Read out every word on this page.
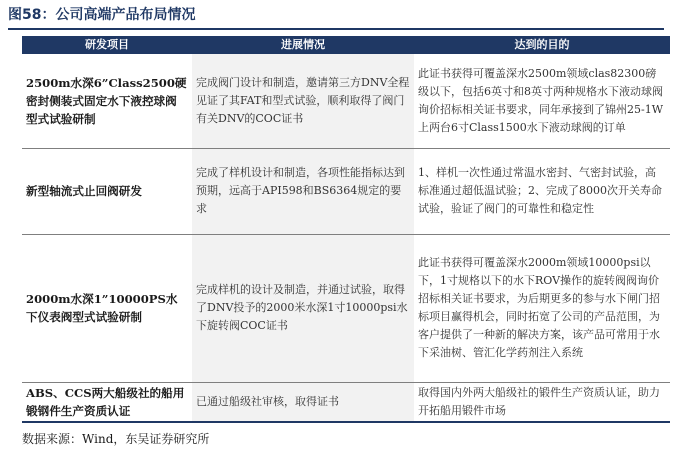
图58：公司高端产品布局情况
研发项目	进展情况	达到的目的
2500m水深6”Class2500硬密封侧装式固定水下液控球阀型式试验研制	完成阀门设计和制造，邀请第三方DNV全程见证了其FAT和型式试验，顺利取得了阀门有关DNV的COC证书	此证书获得可覆盖深水2500m领域clas82300磅级以下，包括6英寸和8英寸两种规格水下液动球阀询价招标相关证书要求，同年承接到了锦州25-1W上两台6寸Class1500水下液动球阀的订单
新型轴流式止回阀研发	完成了样机设计和制造，各项性能指标达到预期，远高于API598和BS6364规定的要求	1、样机一次性通过常温水密封、气密封试验，高标准通过超低温试验；2、完成了8000次开关寿命试验，验证了阀门的可靠性和稳定性
2000m水深1”10000PS水下仪表阀型式试验研制	完成样机的设计及制造，并通过试验，取得了DNV投予的2000米水深1寸10000psi水下旋转阀COC证书	此证书获得可覆盖深水2000m领域10000psi以下，1寸规格以下的水下ROV操作的旋转阀阀询价招标相关证书要求，为后期更多的参与水下闸门招标项目赢得机会，同时拓宽了公司的产品范围，为客户提供了一种新的解决方案，该产品可常用于水下采油树、管汇化学药剂注入系统
ABS、CCS两大船级社的船用锻钢件生产资质认证	已通过船级社审核，取得证书	取得国内外两大船级社的锻件生产资质认证，助力开拓船用锻件市场
数据来源：Wind，东吴证券研究所
